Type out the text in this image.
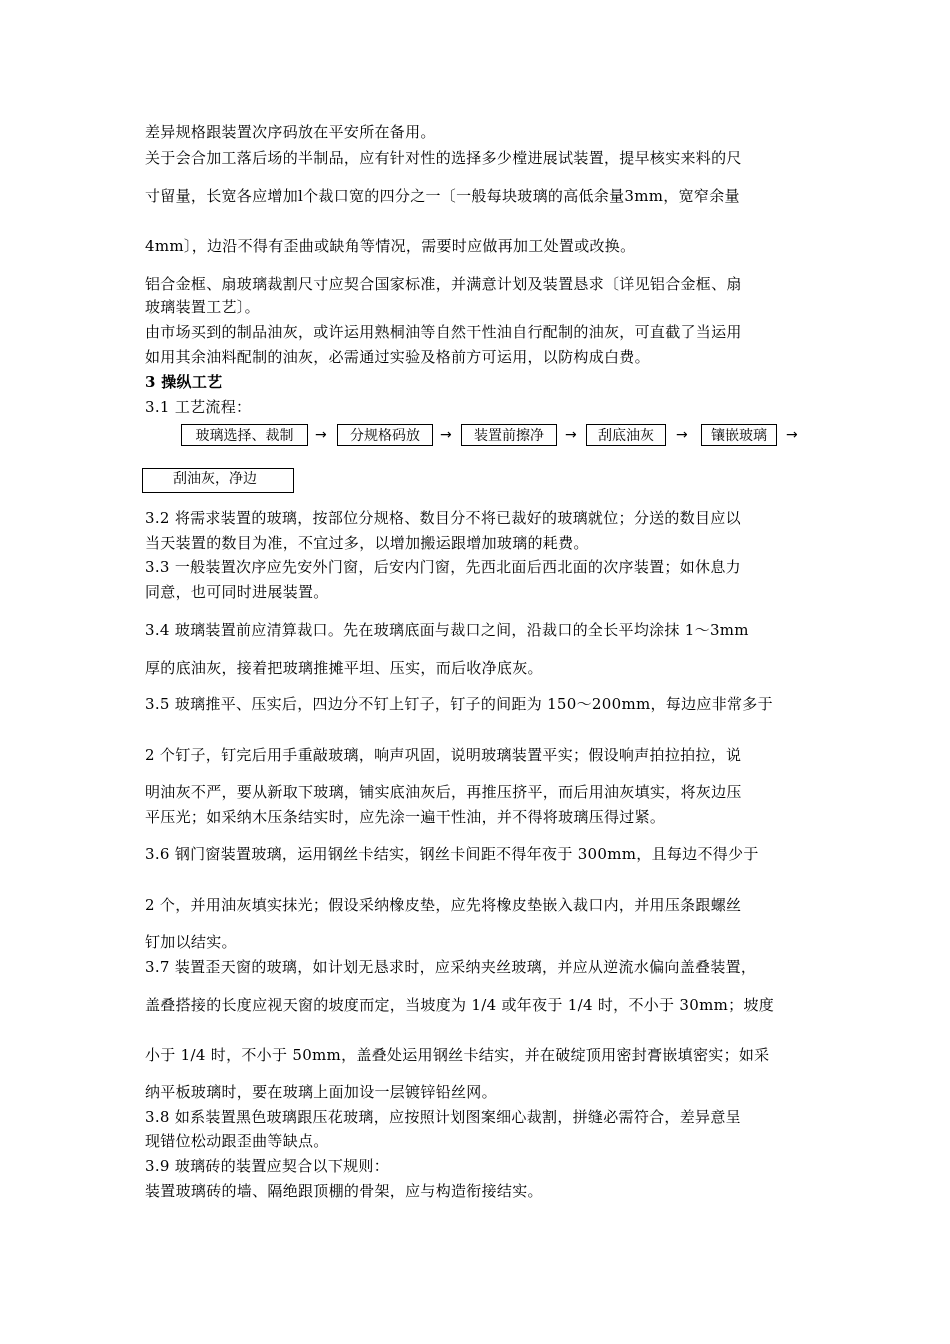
差异规格跟装置次序码放在平安所在备用。
关于会合加工落后场的半制品，应有针对性的选择多少樘进展试装置，提早核实来料的尺
寸留量，长宽各应增加l个裁口宽的四分之一〔一般每块玻璃的高低余量3mm，宽窄余量
4mm〕，边沿不得有歪曲或缺角等情况，需要时应做再加工处置或改换。
铝合金框、扇玻璃裁割尺寸应契合国家标准，并满意计划及装置恳求〔详见铝合金框、扇
玻璃装置工艺〕。
由市场买到的制品油灰，或许运用熟桐油等自然干性油自行配制的油灰，可直截了当运用
如用其余油料配制的油灰，必需通过实验及格前方可运用，以防构成白费。
3 操纵工艺
3.1 工艺流程：
玻璃选择、裁制	→	分规格码放	→	装置前擦净	→	刮底油灰	→	镶嵌玻璃	→
刮油灰，净边
3.2 将需求装置的玻璃，按部位分规格、数目分不将已裁好的玻璃就位；分送的数目应以
当天装置的数目为准，不宜过多，以增加搬运跟增加玻璃的耗费。
3.3 一般装置次序应先安外门窗，后安内门窗，先西北面后西北面的次序装置；如休息力
同意，也可同时进展装置。
3.4 玻璃装置前应清算裁口。先在玻璃底面与裁口之间，沿裁口的全长平均涂抹 1～3mm
厚的底油灰，接着把玻璃推摊平坦、压实，而后收净底灰。
3.5 玻璃推平、压实后，四边分不钉上钉子，钉子的间距为 150～200mm，每边应非常多于
2 个钉子，钉完后用手重敲玻璃，响声巩固，说明玻璃装置平实；假设响声拍拉拍拉，说
明油灰不严，要从新取下玻璃，铺实底油灰后，再推压挤平，而后用油灰填实，将灰边压
平压光；如采纳木压条结实时，应先涂一遍干性油，并不得将玻璃压得过紧。
3.6 钢门窗装置玻璃，运用钢丝卡结实，钢丝卡间距不得年夜于 300mm，且每边不得少于
2 个，并用油灰填实抹光；假设采纳橡皮垫，应先将橡皮垫嵌入裁口内，并用压条跟螺丝
钉加以结实。
3.7 装置歪天窗的玻璃，如计划无恳求时，应采纳夹丝玻璃，并应从逆流水偏向盖叠装置，
盖叠搭接的长度应视天窗的坡度而定，当坡度为 1/4 或年夜于 1/4 时，不小于 30mm；坡度
小于 1/4 时，不小于 50mm，盖叠处运用钢丝卡结实，并在破绽顶用密封膏嵌填密实；如采
纳平板玻璃时，要在玻璃上面加设一层镀锌铅丝网。
3.8 如系装置黑色玻璃跟压花玻璃，应按照计划图案细心裁割，拼缝必需符合，差异意呈
现错位松动跟歪曲等缺点。
3.9 玻璃砖的装置应契合以下规则：
装置玻璃砖的墙、隔绝跟顶棚的骨架，应与构造衔接结实。
